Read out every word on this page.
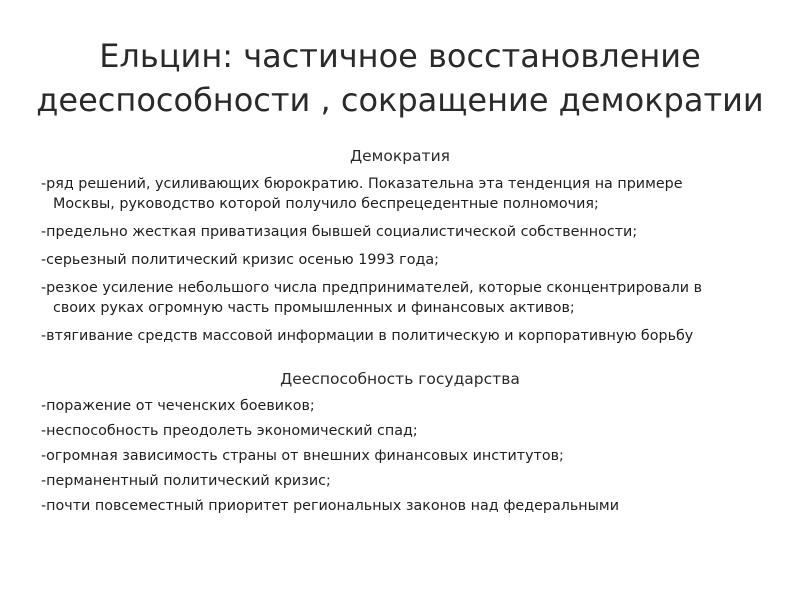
Ельцин: частичное восстановление
дееспособности , сокращение демократии
Демократия
-ряд решений, усиливающих бюрократию. Показательна эта тенденция на примере
Москвы, руководство которой получило беспрецедентные полномочия;
-предельно жесткая приватизация бывшей социалистической собственности;
-серьезный политический кризис осенью 1993 года;
-резкое усиление небольшого числа предпринимателей, которые сконцентрировали в
своих руках огромную часть промышленных и финансовых активов;
-втягивание средств массовой информации в политическую и корпоративную борьбу
Дееспособность государства
-поражение от чеченских боевиков;
-неспособность преодолеть экономический спад;
-огромная зависимость страны от внешних финансовых институтов;
-перманентный политический кризис;
-почти повсеместный приоритет региональных законов над федеральными
